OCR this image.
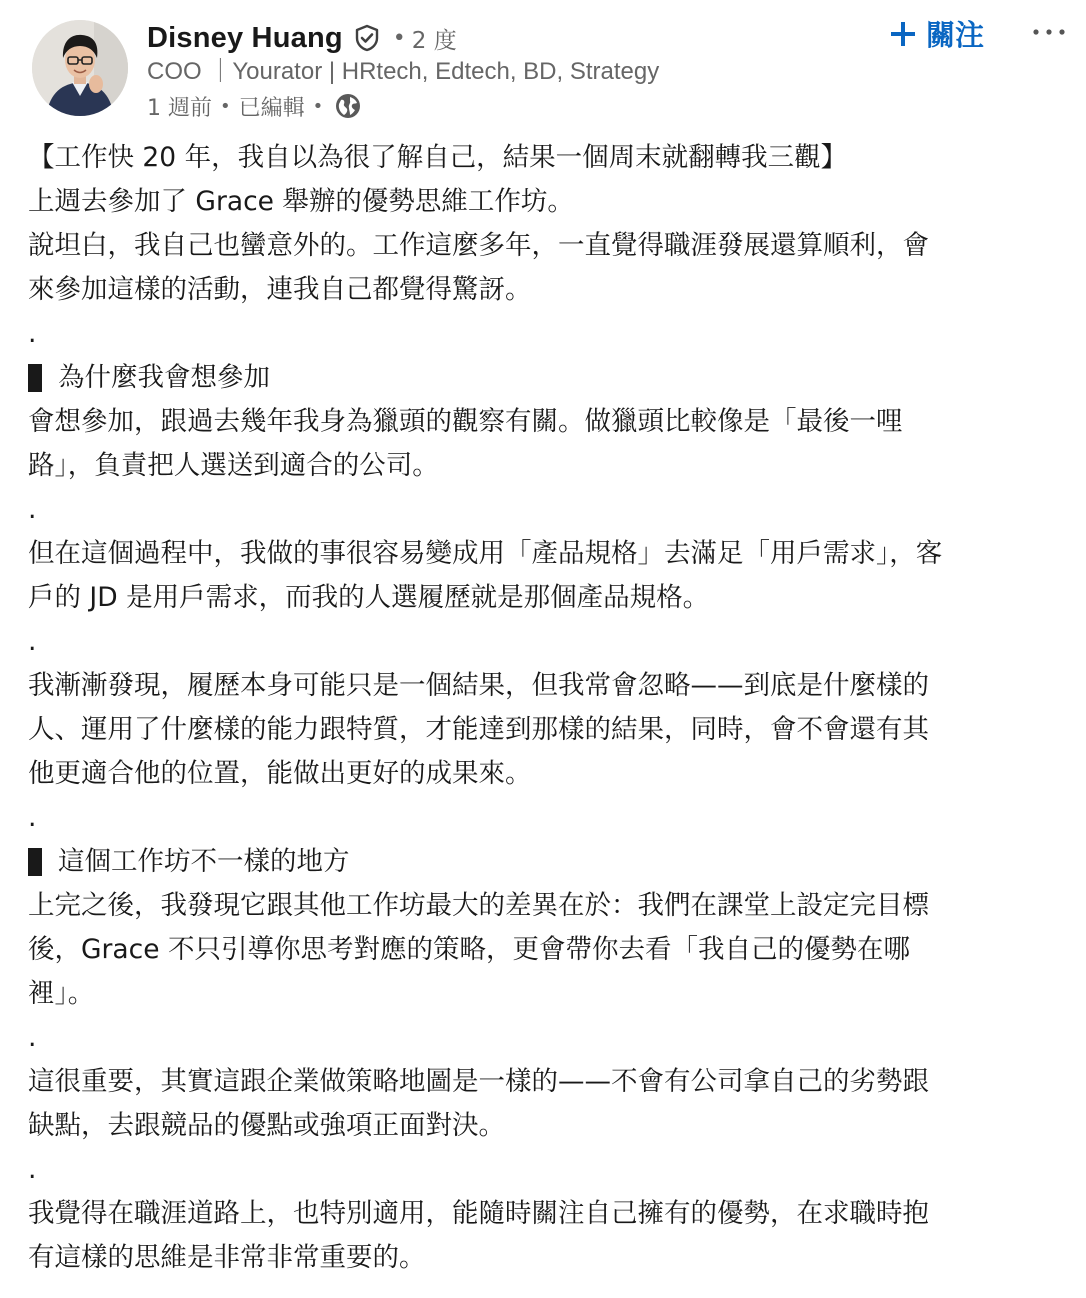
Disney Huang • 2 度
COO ｜Yourator | HRtech, Edtech, BD, Strategy
1 週前 • 已編輯 •
關注
【工作快 20 年，我自以為很了解自己，結果一個周末就翻轉我三觀】
上週去參加了 Grace 舉辦的優勢思維工作坊。
說坦白，我自己也蠻意外的。工作這麼多年，一直覺得職涯發展還算順利，會
來參加這樣的活動，連我自己都覺得驚訝。
.
為什麼我會想參加
會想參加，跟過去幾年我身為獵頭的觀察有關。做獵頭比較像是「最後一哩
路」，負責把人選送到適合的公司。
.
但在這個過程中，我做的事很容易變成用「產品規格」去滿足「用戶需求」，客
戶的 JD 是用戶需求，而我的人選履歷就是那個產品規格。
.
我漸漸發現，履歷本身可能只是一個結果，但我常會忽略——到底是什麼樣的
人、運用了什麼樣的能力跟特質，才能達到那樣的結果，同時，會不會還有其
他更適合他的位置，能做出更好的成果來。
.
這個工作坊不一樣的地方
上完之後，我發現它跟其他工作坊最大的差異在於：我們在課堂上設定完目標
後，Grace 不只引導你思考對應的策略，更會帶你去看「我自己的優勢在哪
裡」。
.
這很重要，其實這跟企業做策略地圖是一樣的——不會有公司拿自己的劣勢跟
缺點，去跟競品的優點或強項正面對決。
.
我覺得在職涯道路上，也特別適用，能隨時關注自己擁有的優勢，在求職時抱
有這樣的思維是非常非常重要的。
